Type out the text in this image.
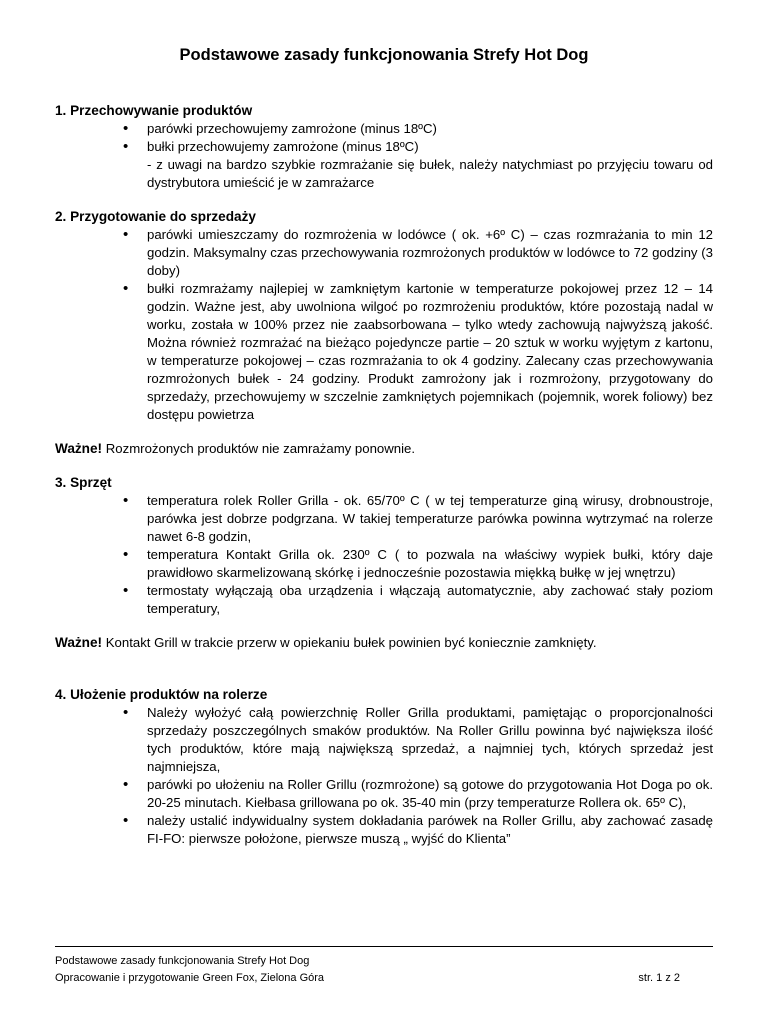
Podstawowe zasady funkcjonowania Strefy Hot Dog

1. Przechowywanie produktów

• parówki przechowujemy zamrożone (minus 18ºC)
• bułki przechowujemy zamrożone (minus 18ºC)
- z uwagi na bardzo szybkie rozmrażanie się bułek, należy natychmiast po przyjęciu towaru od dystrybutora umieścić je w zamrażarce

2. Przygotowanie do sprzedaży

• parówki umieszczamy do rozmrożenia w lodówce ( ok. +6º C) – czas rozmrażania to min 12 godzin. Maksymalny czas przechowywania rozmrożonych produktów w lodówce to 72 godziny (3 doby)
• bułki rozmrażamy najlepiej w zamkniętym kartonie w temperaturze pokojowej przez 12 – 14 godzin. Ważne jest, aby uwolniona wilgoć po rozmrożeniu produktów, które pozostają nadal w worku, została w 100% przez nie zaabsorbowana – tylko wtedy zachowują najwyższą jakość. Można również rozmrażać na bieżąco pojedyncze partie – 20 sztuk w worku wyjętym z kartonu, w temperaturze pokojowej – czas rozmrażania to ok 4 godziny. Zalecany czas przechowywania rozmrożonych bułek - 24 godziny. Produkt zamrożony jak i rozmrożony, przygotowany do sprzedaży, przechowujemy w szczelnie zamkniętych pojemnikach (pojemnik, worek foliowy) bez dostępu powietrza
Ważne! Rozmrożonych produktów nie zamrażamy ponownie.

3. Sprzęt

• temperatura rolek Roller Grilla - ok. 65/70º C ( w tej temperaturze giną wirusy, drobnoustroje, parówka jest dobrze podgrzana. W takiej temperaturze parówka powinna wytrzymać na rolerze nawet 6-8 godzin,
• temperatura Kontakt Grilla ok. 230º C ( to pozwala na właściwy wypiek bułki, który daje prawidłowo skarmelizowaną skórkę i jednocześnie pozostawia miękką bułkę w jej wnętrzu)
• termostaty wyłączają oba urządzenia i włączają automatycznie, aby zachować stały poziom temperatury,
Ważne! Kontakt Grill w trakcie przerw w opiekaniu bułek powinien być koniecznie zamknięty.

4. Ułożenie produktów na rolerze

• Należy wyłożyć całą powierzchnię Roller Grilla produktami, pamiętając o proporcjonalności sprzedaży poszczególnych smaków produktów. Na Roller Grillu powinna być największa ilość tych produktów, które mają największą sprzedaż, a najmniej tych, których sprzedaż jest najmniejsza,
• parówki po ułożeniu na Roller Grillu (rozmrożone) są gotowe do przygotowania Hot Doga po ok. 20-25 minutach. Kiełbasa grillowana po ok. 35-40 min (przy temperaturze Rollera ok. 65º C),
• należy ustalić indywidualny system dokładania parówek na Roller Grillu, aby zachować zasadę FI-FO: pierwsze położone, pierwsze muszą „ wyjść do Klienta”
Podstawowe zasady funkcjonowania Strefy Hot Dog
Opracowanie i przygotowanie Green Fox, Zielona Góra	str. 1 z 2
